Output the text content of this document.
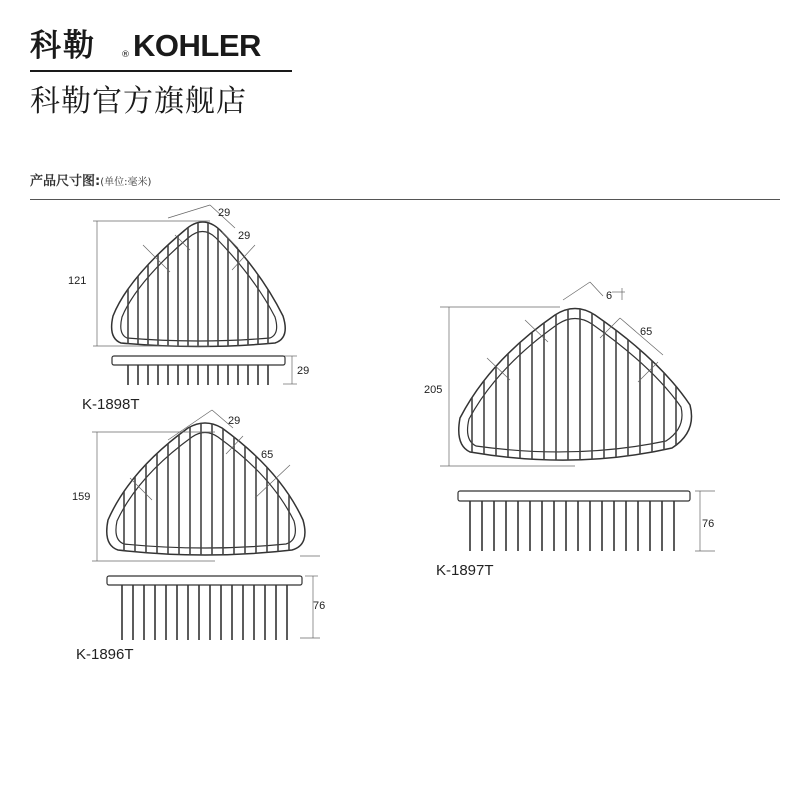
科勒	® KOHLER
科勒官方旗舰店
产品尺寸图:(单位:毫米)
121
29
29
29
K-1898T
159
29
65
76
K-1896T
205
6
65
76
K-1897T
